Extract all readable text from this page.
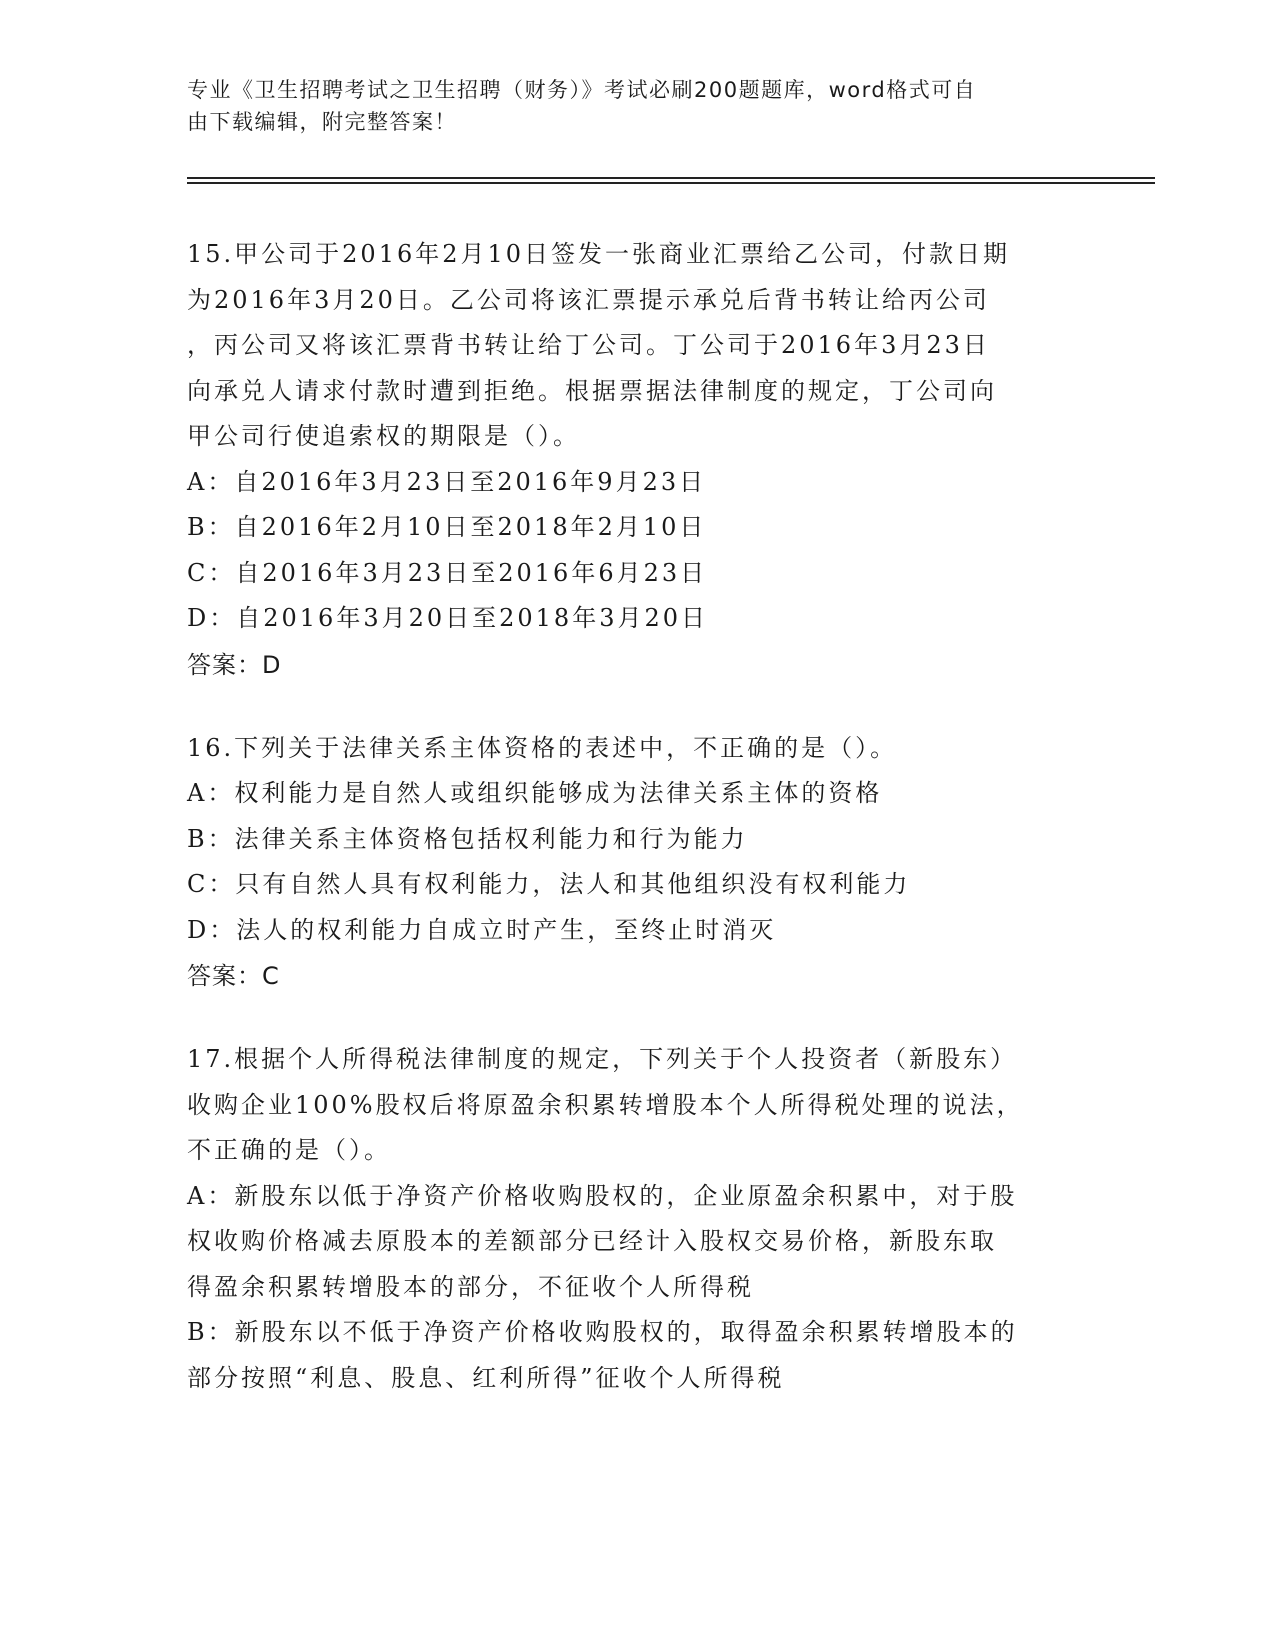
专业《卫生招聘考试之卫生招聘（财务）》考试必刷200题题库，word格式可自
由下载编辑，附完整答案！
15.甲公司于2016年2月10日签发一张商业汇票给乙公司，付款日期
为2016年3月20日。乙公司将该汇票提示承兑后背书转让给丙公司
，丙公司又将该汇票背书转让给丁公司。丁公司于2016年3月23日
向承兑人请求付款时遭到拒绝。根据票据法律制度的规定，丁公司向
甲公司行使追索权的期限是（）。
A：自2016年3月23日至2016年9月23日
B：自2016年2月10日至2018年2月10日
C：自2016年3月23日至2016年6月23日
D：自2016年3月20日至2018年3月20日
答案：D
16.下列关于法律关系主体资格的表述中，不正确的是（）。
A：权利能力是自然人或组织能够成为法律关系主体的资格
B：法律关系主体资格包括权利能力和行为能力
C：只有自然人具有权利能力，法人和其他组织没有权利能力
D：法人的权利能力自成立时产生，至终止时消灭
答案：C
17.根据个人所得税法律制度的规定，下列关于个人投资者（新股东）
收购企业100%股权后将原盈余积累转增股本个人所得税处理的说法，
不正确的是（）。
A：新股东以低于净资产价格收购股权的，企业原盈余积累中，对于股
权收购价格减去原股本的差额部分已经计入股权交易价格，新股东取
得盈余积累转增股本的部分，不征收个人所得税
B：新股东以不低于净资产价格收购股权的，取得盈余积累转增股本的
部分按照“利息、股息、红利所得”征收个人所得税
